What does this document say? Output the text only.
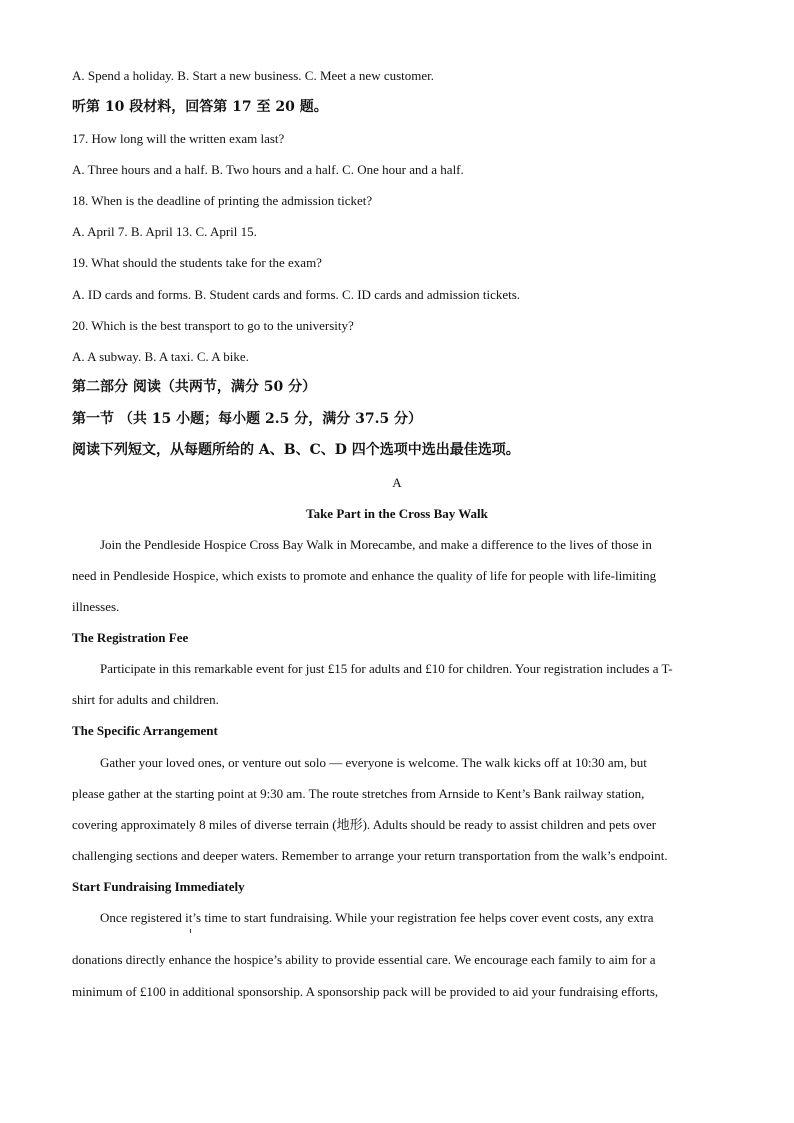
A. Spend a holiday. B. Start a new business. C. Meet a new customer.
听第 10 段材料，回答第 17 至 20 题。
17. How long will the written exam last?
A. Three hours and a half. B. Two hours and a half. C. One hour and a half.
18. When is the deadline of printing the admission ticket?
A. April 7. B. April 13. C. April 15.
19. What should the students take for the exam?
A. ID cards and forms. B. Student cards and forms. C. ID cards and admission tickets.
20. Which is the best transport to go to the university?
A. A subway. B. A taxi. C. A bike.
第二部分 阅读（共两节，满分 50 分）
第一节 （共 15 小题；每小题 2.5 分，满分 37.5 分）
阅读下列短文，从每题所给的 A、B、C、D 四个选项中选出最佳选项。
A
Take Part in the Cross Bay Walk
Join the Pendleside Hospice Cross Bay Walk in Morecambe, and make a difference to the lives of those in
need in Pendleside Hospice, which exists to promote and enhance the quality of life for people with life-limiting
illnesses.
The Registration Fee
Participate in this remarkable event for just £15 for adults and £10 for children. Your registration includes a T-
shirt for adults and children.
The Specific Arrangement
Gather your loved ones, or venture out solo — everyone is welcome. The walk kicks off at 10:30 am, but
please gather at the starting point at 9:30 am. The route stretches from Arnside to Kent’s Bank railway station,
covering approximately 8 miles of diverse terrain (地形). Adults should be ready to assist children and pets over
challenging sections and deeper waters. Remember to arrange your return transportation from the walk’s endpoint.
Start Fundraising Immediately
Once registered it’s time to start fundraising. While your registration fee helps cover event costs, any extra
donations directly enhance the hospice’s ability to provide essential care. We encourage each family to aim for a
minimum of £100 in additional sponsorship. A sponsorship pack will be provided to aid your fundraising efforts,
